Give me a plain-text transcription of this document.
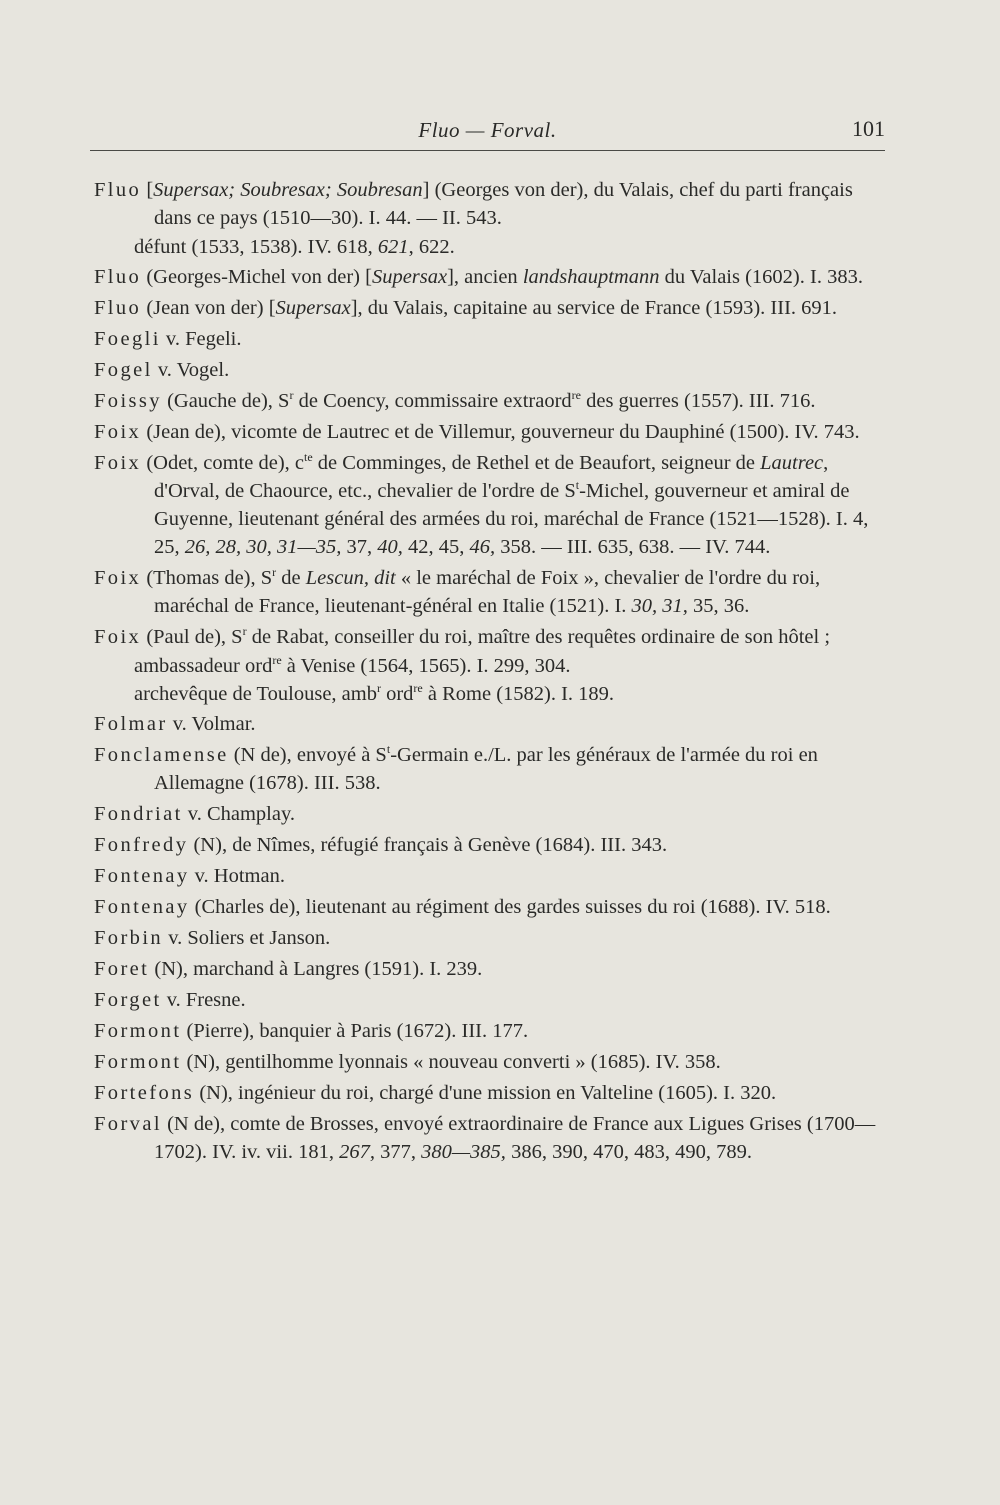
Fluo — Forval.	101
Fluo [Supersax; Soubresax; Soubresan] (Georges von der), du Valais, chef du parti français dans ce pays (1510—30). I. 44. — II. 543.
défunt (1533, 1538). IV. 618, 621, 622.
Fluo (Georges-Michel von der) [Supersax], ancien landshauptmann du Valais (1602). I. 383.
Fluo (Jean von der) [Supersax], du Valais, capitaine au service de France (1593). III. 691.
Foegli v. Fegeli.
Fogel v. Vogel.
Foissy (Gauche de), $S^r$ de Coency, commissaire extraord$^{re}$ des guerres (1557). III. 716.
Foix (Jean de), vicomte de Lautrec et de Villemur, gouverneur du Dauphiné (1500). IV. 743.
Foix (Odet, comte de), $c^{te}$ de Comminges, de Rethel et de Beaufort, seigneur de Lautrec, d'Orval, de Chaource, etc., chevalier de l'ordre de $S^t$-Michel, gouverneur et amiral de Guyenne, lieutenant général des armées du roi, maréchal de France (1521—1528). I. 4, 25, 26, 28, 30, 31—35, 37, 40, 42, 45, 46, 358. — III. 635, 638. — IV. 744.
Foix (Thomas de), $S^r$ de Lescun, dit « le maréchal de Foix », chevalier de l'ordre du roi, maréchal de France, lieutenant-général en Italie (1521). I. 30, 31, 35, 36.
Foix (Paul de), $S^r$ de Rabat, conseiller du roi, maître des requêtes ordinaire de son hôtel ;
ambassadeur ord$^{re}$ à Venise (1564, 1565). I. 299, 304.
archevêque de Toulouse, amb$^r$ ord$^{re}$ à Rome (1582). I. 189.
Folmar v. Volmar.
Fonclamense (N de), envoyé à $S^t$-Germain e./L. par les généraux de l'armée du roi en Allemagne (1678). III. 538.
Fondriat v. Champlay.
Fonfredy (N), de Nîmes, réfugié français à Genève (1684). III. 343.
Fontenay v. Hotman.
Fontenay (Charles de), lieutenant au régiment des gardes suisses du roi (1688). IV. 518.
Forbin v. Soliers et Janson.
Foret (N), marchand à Langres (1591). I. 239.
Forget v. Fresne.
Formont (Pierre), banquier à Paris (1672). III. 177.
Formont (N), gentilhomme lyonnais « nouveau converti » (1685). IV. 358.
Fortefons (N), ingénieur du roi, chargé d'une mission en Valteline (1605). I. 320.
Forval (N de), comte de Brosses, envoyé extraordinaire de France aux Ligues Grises (1700—1702). IV. iv. vii. 181, 267, 377, 380—385, 386, 390, 470, 483, 490, 789.
